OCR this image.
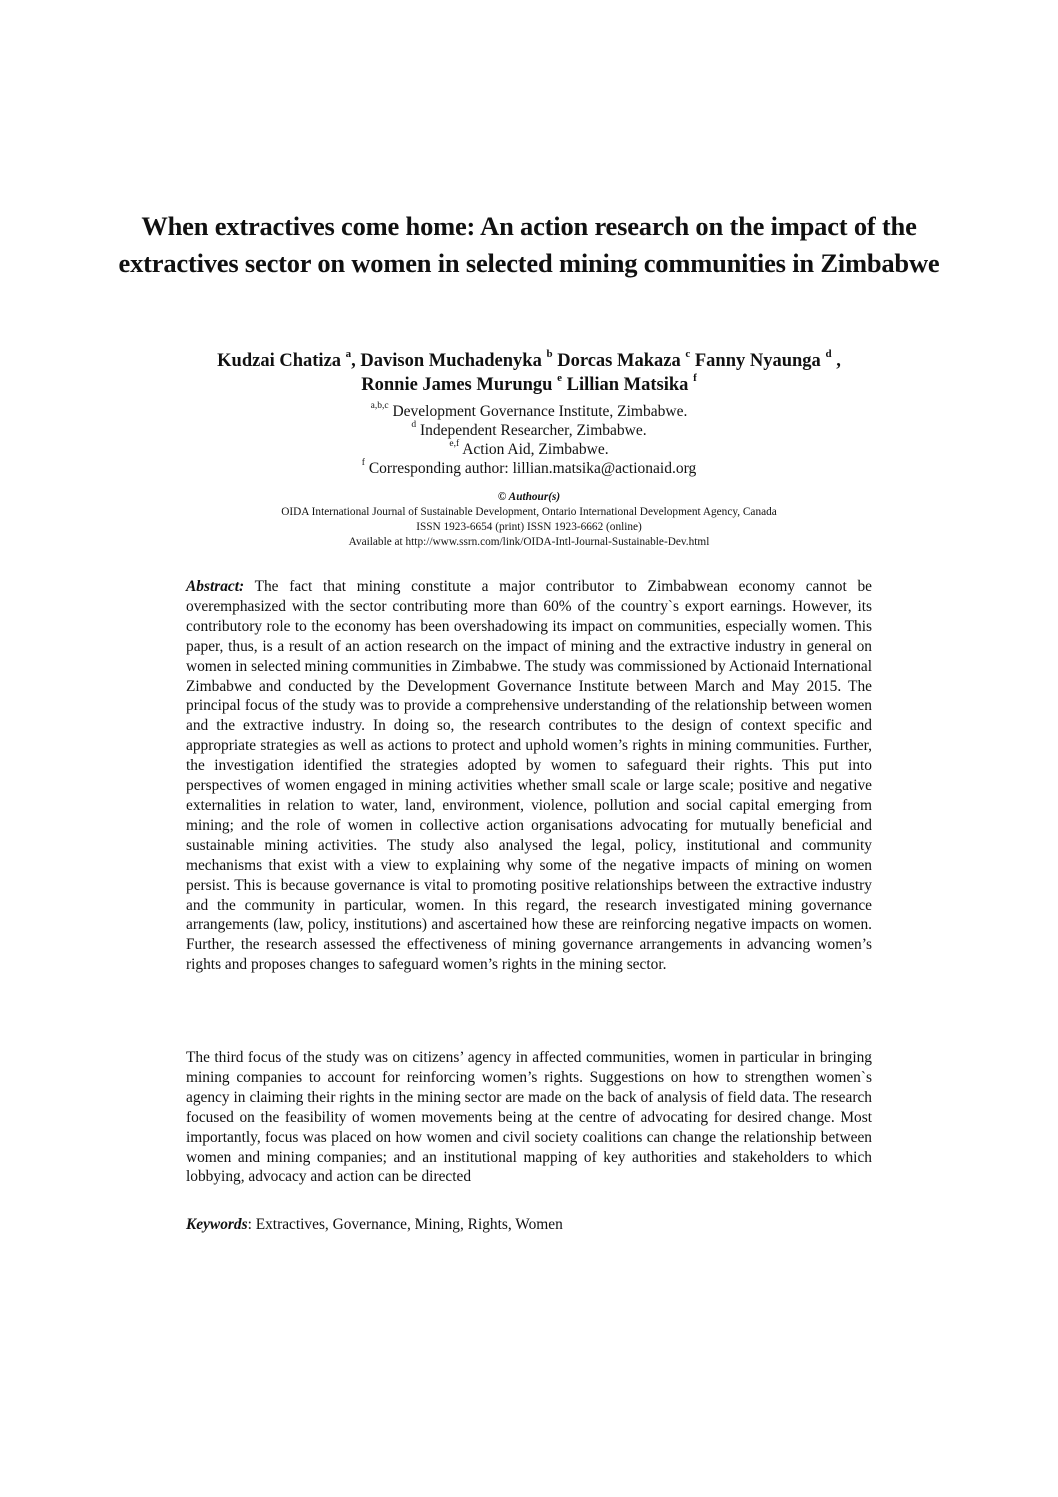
When extractives come home: An action research on the impact of the extractives sector on women in selected mining communities in Zimbabwe
Kudzai Chatiza $^a$, Davison Muchadenyka $^b$ Dorcas Makaza $^c$ Fanny Nyaunga $^d$ ,
Ronnie James Murungu $^e$ Lillian Matsika $^f$
$^{a,b,c}$ Development Governance Institute, Zimbabwe.
$^d$ Independent Researcher, Zimbabwe.
$^{e,f}$ Action Aid, Zimbabwe.
$^f$ Corresponding author: lillian.matsika@actionaid.org
© Authour(s)
OIDA International Journal of Sustainable Development, Ontario International Development Agency, Canada
ISSN 1923-6654 (print) ISSN 1923-6662 (online)
Available at http://www.ssrn.com/link/OIDA-Intl-Journal-Sustainable-Dev.html
Abstract: The fact that mining constitute a major contributor to Zimbabwean economy cannot be overemphasized with the sector contributing more than 60% of the country`s export earnings. However, its contributory role to the economy has been overshadowing its impact on communities, especially women. This paper, thus, is a result of an action research on the impact of mining and the extractive industry in general on women in selected mining communities in Zimbabwe. The study was commissioned by Actionaid International Zimbabwe and conducted by the Development Governance Institute between March and May 2015. The principal focus of the study was to provide a comprehensive understanding of the relationship between women and the extractive industry. In doing so, the research contributes to the design of context specific and appropriate strategies as well as actions to protect and uphold women’s rights in mining communities. Further, the investigation identified the strategies adopted by women to safeguard their rights. This put into perspectives of women engaged in mining activities whether small scale or large scale; positive and negative externalities in relation to water, land, environment, violence, pollution and social capital emerging from mining; and the role of women in collective action organisations advocating for mutually beneficial and sustainable mining activities. The study also analysed the legal, policy, institutional and community mechanisms that exist with a view to explaining why some of the negative impacts of mining on women persist. This is because governance is vital to promoting positive relationships between the extractive industry and the community in particular, women. In this regard, the research investigated mining governance arrangements (law, policy, institutions) and ascertained how these are reinforcing negative impacts on women. Further, the research assessed the effectiveness of mining governance arrangements in advancing women’s rights and proposes changes to safeguard women’s rights in the mining sector.
The third focus of the study was on citizens’ agency in affected communities, women in particular in bringing mining companies to account for reinforcing women’s rights. Suggestions on how to strengthen women`s agency in claiming their rights in the mining sector are made on the back of analysis of field data. The research focused on the feasibility of women movements being at the centre of advocating for desired change. Most importantly, focus was placed on how women and civil society coalitions can change the relationship between women and mining companies; and an institutional mapping of key authorities and stakeholders to which lobbying, advocacy and action can be directed
Keywords: Extractives, Governance, Mining, Rights, Women
